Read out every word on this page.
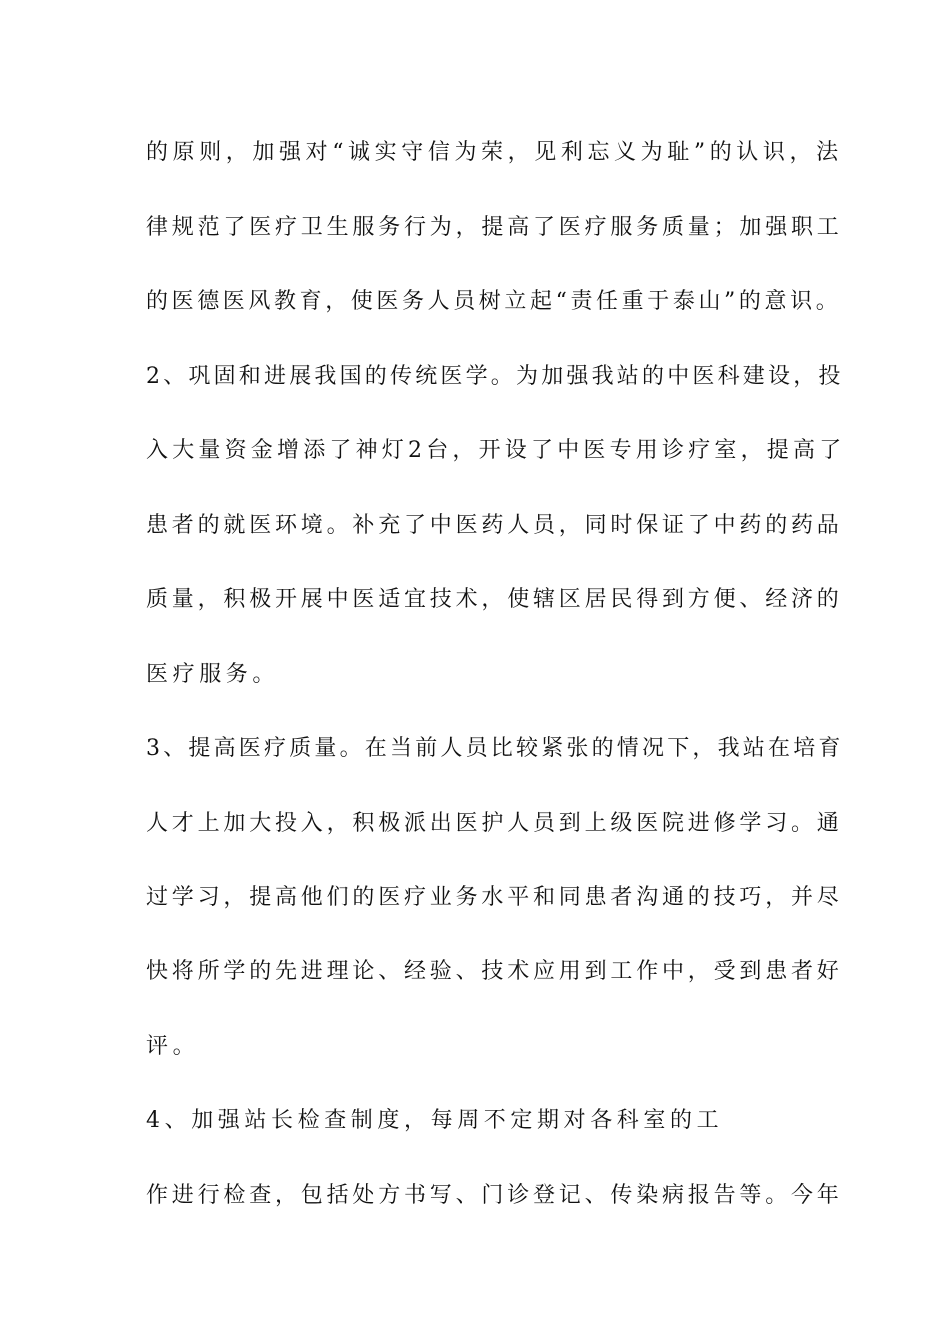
的原则，加强对“诚实守信为荣，见利忘义为耻”的认识，法
律规范了医疗卫生服务行为，提高了医疗服务质量；加强职工
的医德医风教育，使医务人员树立起“责任重于泰山”的意识。
2、巩固和进展我国的传统医学。为加强我站的中医科建设，投
入大量资金增添了神灯2台，开设了中医专用诊疗室，提高了
患者的就医环境。补充了中医药人员，同时保证了中药的药品
质量，积极开展中医适宜技术，使辖区居民得到方便、经济的
医疗服务。
3、提高医疗质量。在当前人员比较紧张的情况下，我站在培育
人才上加大投入，积极派出医护人员到上级医院进修学习。通
过学习，提高他们的医疗业务水平和同患者沟通的技巧，并尽
快将所学的先进理论、经验、技术应用到工作中，受到患者好
评。
4、加强站长检查制度，每周不定期对各科室的工
作进行检查，包括处方书写、门诊登记、传染病报告等。今年
